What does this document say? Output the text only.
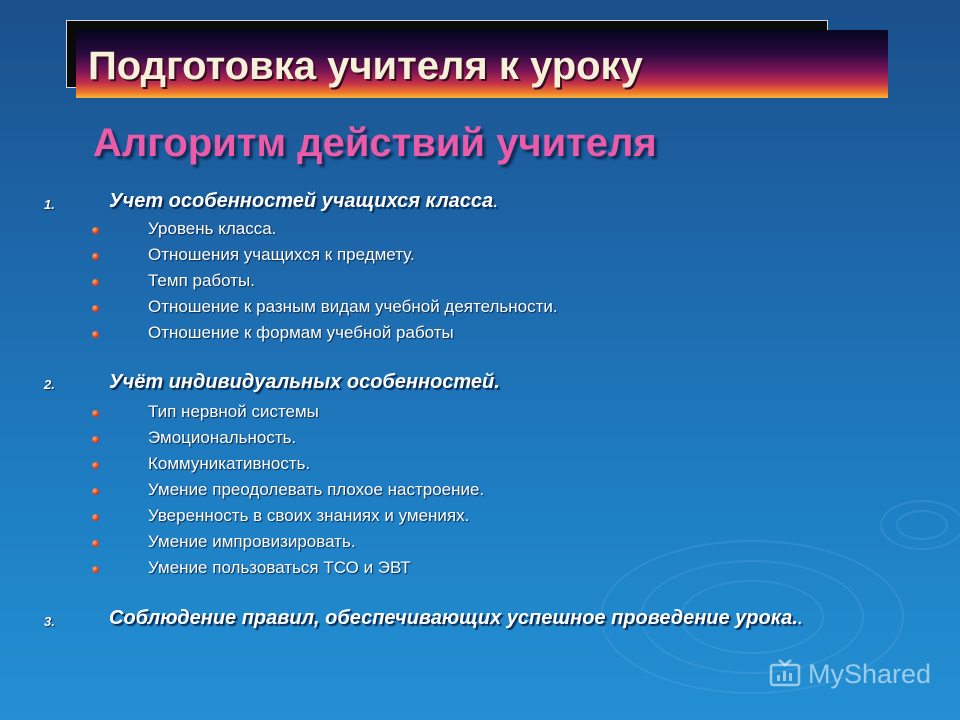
Подготовка учителя к уроку
Алгоритм действий учителя
1.	Учет особенностей учащихся класса.
Уровень класса.
Отношения учащихся к предмету.
Темп работы.
Отношение к разным видам учебной деятельности.
Отношение к формам учебной работы
2.	Учёт индивидуальных особенностей.
Тип нервной системы
Эмоциональность.
Коммуникативность.
Умение преодолевать плохое настроение.
Уверенность в своих знаниях и умениях.
Умение импровизировать.
Умение пользоваться ТСО и ЭВТ
3.	Соблюдение правил, обеспечивающих успешное проведение урока..
MyShared
